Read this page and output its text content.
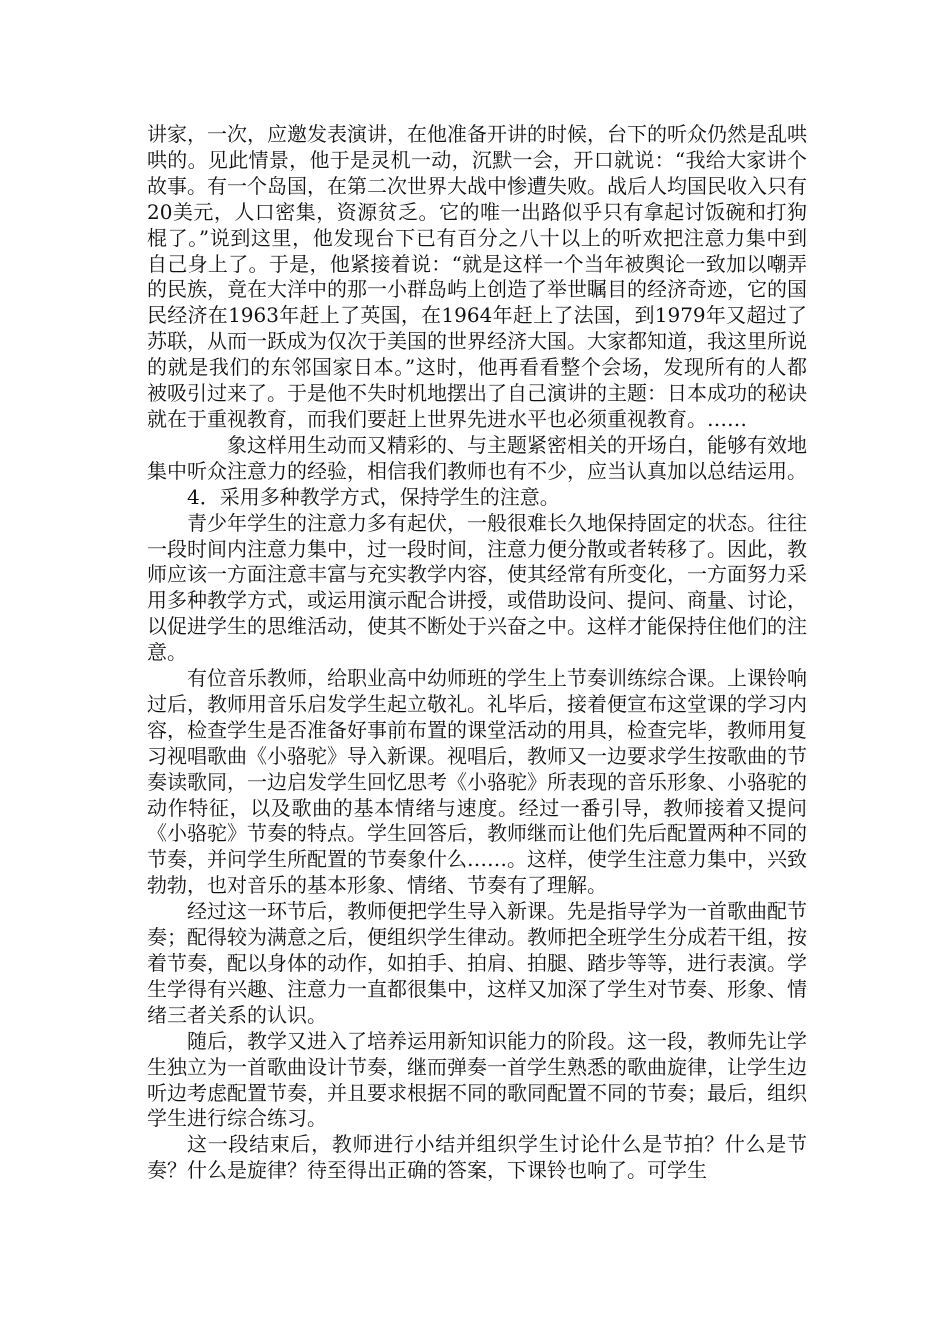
讲家，一次，应邀发表演讲，在他准备开讲的时候，台下的听众仍然是乱哄哄的。见此情景，他于是灵机一动，沉默一会，开口就说：“我给大家讲个故事。有一个岛国，在第二次世界大战中惨遭失败。战后人均国民收入只有20美元，人口密集，资源贫乏。它的唯一出路似乎只有拿起讨饭碗和打狗棍了。”说到这里，他发现台下已有百分之八十以上的听欢把注意力集中到自己身上了。于是，他紧接着说：“就是这样一个当年被舆论一致加以嘲弄的民族，竟在大洋中的那一小群岛屿上创造了举世瞩目的经济奇迹，它的国民经济在1963年赶上了英国，在1964年赶上了法国，到1979年又超过了苏联，从而一跃成为仅次于美国的世界经济大国。大家都知道，我这里所说的就是我们的东邻国家日本。”这时，他再看看整个会场，发现所有的人都被吸引过来了。于是他不失时机地摆出了自己演讲的主题：日本成功的秘诀就在于重视教育，而我们要赶上世界先进水平也必须重视教育。……

象这样用生动而又精彩的、与主题紧密相关的开场白，能够有效地集中听众注意力的经验，相信我们教师也有不少，应当认真加以总结运用。

4．采用多种教学方式，保持学生的注意。

青少年学生的注意力多有起伏，一般很难长久地保持固定的状态。往往一段时间内注意力集中，过一段时间，注意力便分散或者转移了。因此，教师应该一方面注意丰富与充实教学内容，使其经常有所变化，一方面努力采用多种教学方式，或运用演示配合讲授，或借助设问、提问、商量、讨论，以促进学生的思维活动，使其不断处于兴奋之中。这样才能保持住他们的注意。

有位音乐教师，给职业高中幼师班的学生上节奏训练综合课。上课铃响过后，教师用音乐启发学生起立敬礼。礼毕后，接着便宣布这堂课的学习内容，检查学生是否准备好事前布置的课堂活动的用具，检查完毕，教师用复习视唱歌曲《小骆驼》导入新课。视唱后，教师又一边要求学生按歌曲的节奏读歌同，一边启发学生回忆思考《小骆驼》所表现的音乐形象、小骆驼的动作特征，以及歌曲的基本情绪与速度。经过一番引导，教师接着又提问《小骆驼》节奏的特点。学生回答后，教师继而让他们先后配置两种不同的节奏，并问学生所配置的节奏象什么……。这样，使学生注意力集中，兴致勃勃，也对音乐的基本形象、情绪、节奏有了理解。

经过这一环节后，教师便把学生导入新课。先是指导学为一首歌曲配节奏；配得较为满意之后，便组织学生律动。教师把全班学生分成若干组，按着节奏，配以身体的动作，如拍手、拍肩、拍腿、踏步等等，进行表演。学生学得有兴趣、注意力一直都很集中，这样又加深了学生对节奏、形象、情绪三者关系的认识。

随后，教学又进入了培养运用新知识能力的阶段。这一段，教师先让学生独立为一首歌曲设计节奏，继而弹奏一首学生熟悉的歌曲旋律，让学生边听边考虑配置节奏，并且要求根据不同的歌同配置不同的节奏；最后，组织学生进行综合练习。

这一段结束后，教师进行小结并组织学生讨论什么是节拍？什么是节奏？什么是旋律？待至得出正确的答案，下课铃也响了。可学生
